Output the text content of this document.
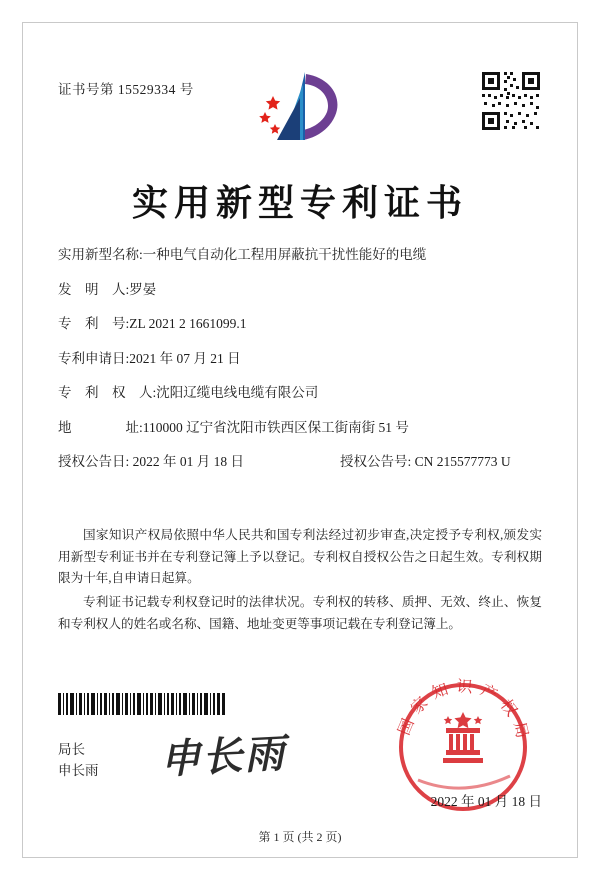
证书号第 15529334 号
实用新型专利证书
实用新型名称: 一种电气自动化工程用屏蔽抗干扰性能好的电缆
发　明　人: 罗晏
专　利　号: ZL 2021 2 1661099.1
专利申请日: 2021 年 07 月 21 日
专　利　权　人: 沈阳辽缆电线电缆有限公司
地　　　　址: 110000 辽宁省沈阳市铁西区保工街南街 51 号
授权公告日: 2022 年 01 月 18 日	授权公告号: CN 215577773 U

国家知识产权局依照中华人民共和国专利法经过初步审查,决定授予专利权,颁发实用新型专利证书并在专利登记簿上予以登记。专利权自授权公告之日起生效。专利权期限为十年,自申请日起算。

专利证书记载专利权登记时的法律状况。专利权的转移、质押、无效、终止、恢复和专利权人的姓名或名称、国籍、地址变更等事项记载在专利登记簿上。

局长
申长雨 申长雨
国家知识产权局
2022 年 01 月 18 日
第 1 页 (共 2 页)
